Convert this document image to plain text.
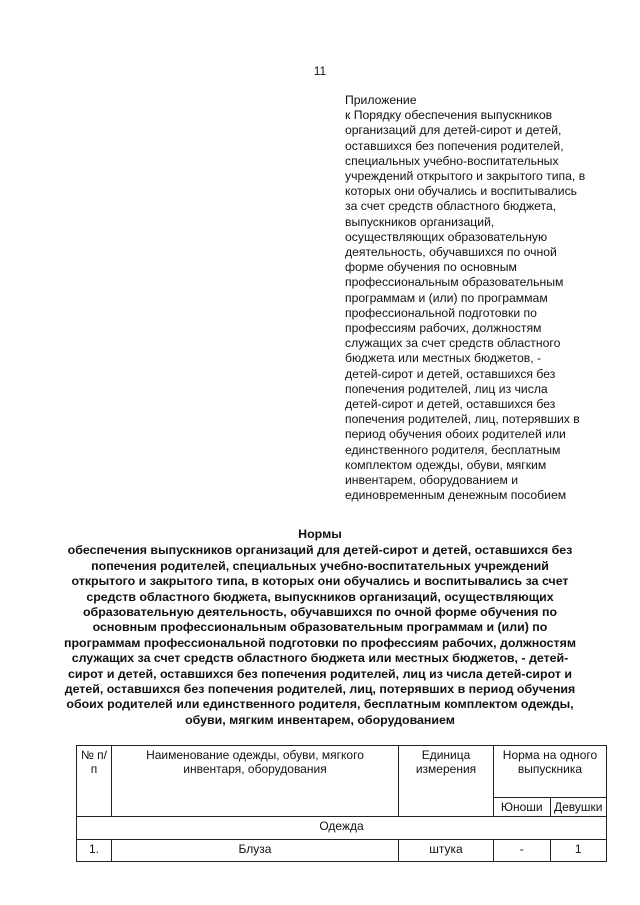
11
Приложение
к Порядку обеспечения выпускников
организаций для детей-сирот и детей,
оставшихся без попечения родителей,
специальных учебно-воспитательных
учреждений открытого и закрытого типа, в
которых они обучались и воспитывались
за счет средств областного бюджета,
выпускников организаций,
осуществляющих образовательную
деятельность, обучавшихся по очной
форме обучения по основным
профессиональным образовательным
программам и (или) по программам
профессиональной подготовки по
профессиям рабочих, должностям
служащих за счет средств областного
бюджета или местных бюджетов, -
детей-сирот и детей, оставшихся без
попечения родителей, лиц из числа
детей-сирот и детей, оставшихся без
попечения родителей, лиц, потерявших в
период обучения обоих родителей или
единственного родителя, бесплатным
комплектом одежды, обуви, мягким
инвентарем, оборудованием и
единовременным денежным пособием
Нормы
обеспечения выпускников организаций для детей-сирот и детей, оставшихся без
попечения родителей, специальных учебно-воспитательных учреждений
открытого и закрытого типа, в которых они обучались и воспитывались за счет
средств областного бюджета, выпускников организаций, осуществляющих
образовательную деятельность, обучавшихся по очной форме обучения по
основным профессиональным образовательным программам и (или) по
программам профессиональной подготовки по профессиям рабочих, должностям
служащих за счет средств областного бюджета или местных бюджетов, - детей-
сирот и детей, оставшихся без попечения родителей, лиц из числа детей-сирот и
детей, оставшихся без попечения родителей, лиц, потерявших в период обучения
обоих родителей или единственного родителя, бесплатным комплектом одежды,
обуви, мягким инвентарем, оборудованием
№ п/п	Наименование одежды, обуви, мягкого инвентаря, оборудования	Единица измерения	Норма на одного выпускника	
			Юноши	Девушки
Одежда				
1.	Блуза	штука	-	1
